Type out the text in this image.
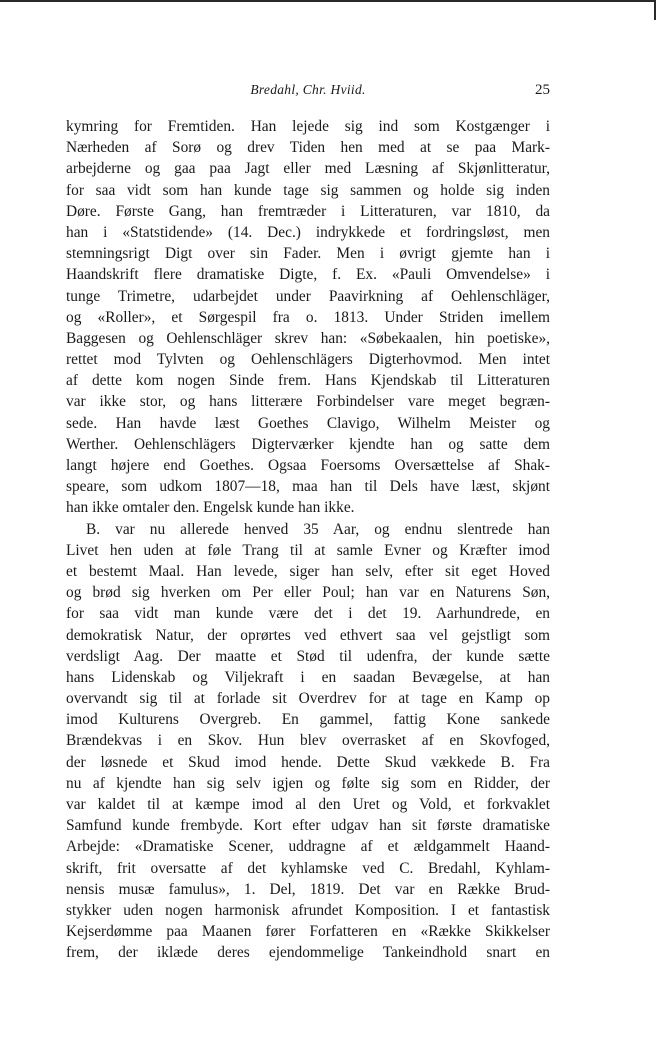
Bredahl, Chr. Hviid.	25
kymring for Fremtiden. Han lejede sig ind som Kostgænger i
Nærheden af Sorø og drev Tiden hen med at se paa Mark-
arbejderne og gaa paa Jagt eller med Læsning af Skjønlitteratur,
for saa vidt som han kunde tage sig sammen og holde sig inden
Døre. Første Gang, han fremtræder i Litteraturen, var 1810, da
han i «Statstidende» (14. Dec.) indrykkede et fordringsløst, men
stemningsrigt Digt over sin Fader. Men i øvrigt gjemte han i
Haandskrift flere dramatiske Digte, f. Ex. «Pauli Omvendelse» i
tunge Trimetre, udarbejdet under Paavirkning af Oehlenschläger,
og «Roller», et Sørgespil fra o. 1813. Under Striden imellem
Baggesen og Oehlenschläger skrev han: «Søbekaalen, hin poetiske»,
rettet mod Tylvten og Oehlenschlägers Digterhovmod. Men intet
af dette kom nogen Sinde frem. Hans Kjendskab til Litteraturen
var ikke stor, og hans litterære Forbindelser vare meget begræn-
sede. Han havde læst Goethes Clavigo, Wilhelm Meister og
Werther. Oehlenschlägers Digterværker kjendte han og satte dem
langt højere end Goethes. Ogsaa Foersoms Oversættelse af Shak-
speare, som udkom 1807—18, maa han til Dels have læst, skjønt
han ikke omtaler den. Engelsk kunde han ikke.
B. var nu allerede henved 35 Aar, og endnu slentrede han
Livet hen uden at føle Trang til at samle Evner og Kræfter imod
et bestemt Maal. Han levede, siger han selv, efter sit eget Hoved
og brød sig hverken om Per eller Poul; han var en Naturens Søn,
for saa vidt man kunde være det i det 19. Aarhundrede, en
demokratisk Natur, der oprørtes ved ethvert saa vel gejstligt som
verdsligt Aag. Der maatte et Stød til udenfra, der kunde sætte
hans Lidenskab og Viljekraft i en saadan Bevægelse, at han
overvandt sig til at forlade sit Overdrev for at tage en Kamp op
imod Kulturens Overgreb. En gammel, fattig Kone sankede
Brændekvas i en Skov. Hun blev overrasket af en Skovfoged,
der løsnede et Skud imod hende. Dette Skud vækkede B. Fra
nu af kjendte han sig selv igjen og følte sig som en Ridder, der
var kaldet til at kæmpe imod al den Uret og Vold, et forkvaklet
Samfund kunde frembyde. Kort efter udgav han sit første dramatiske
Arbejde: «Dramatiske Scener, uddragne af et ældgammelt Haand-
skrift, frit oversatte af det kyhlamske ved C. Bredahl, Kyhlam-
nensis musæ famulus», 1. Del, 1819. Det var en Række Brud-
stykker uden nogen harmonisk afrundet Komposition. I et fantastisk
Kejserdømme paa Maanen fører Forfatteren en «Række Skikkelser
frem, der iklæde deres ejendommelige Tankeindhold snart en
